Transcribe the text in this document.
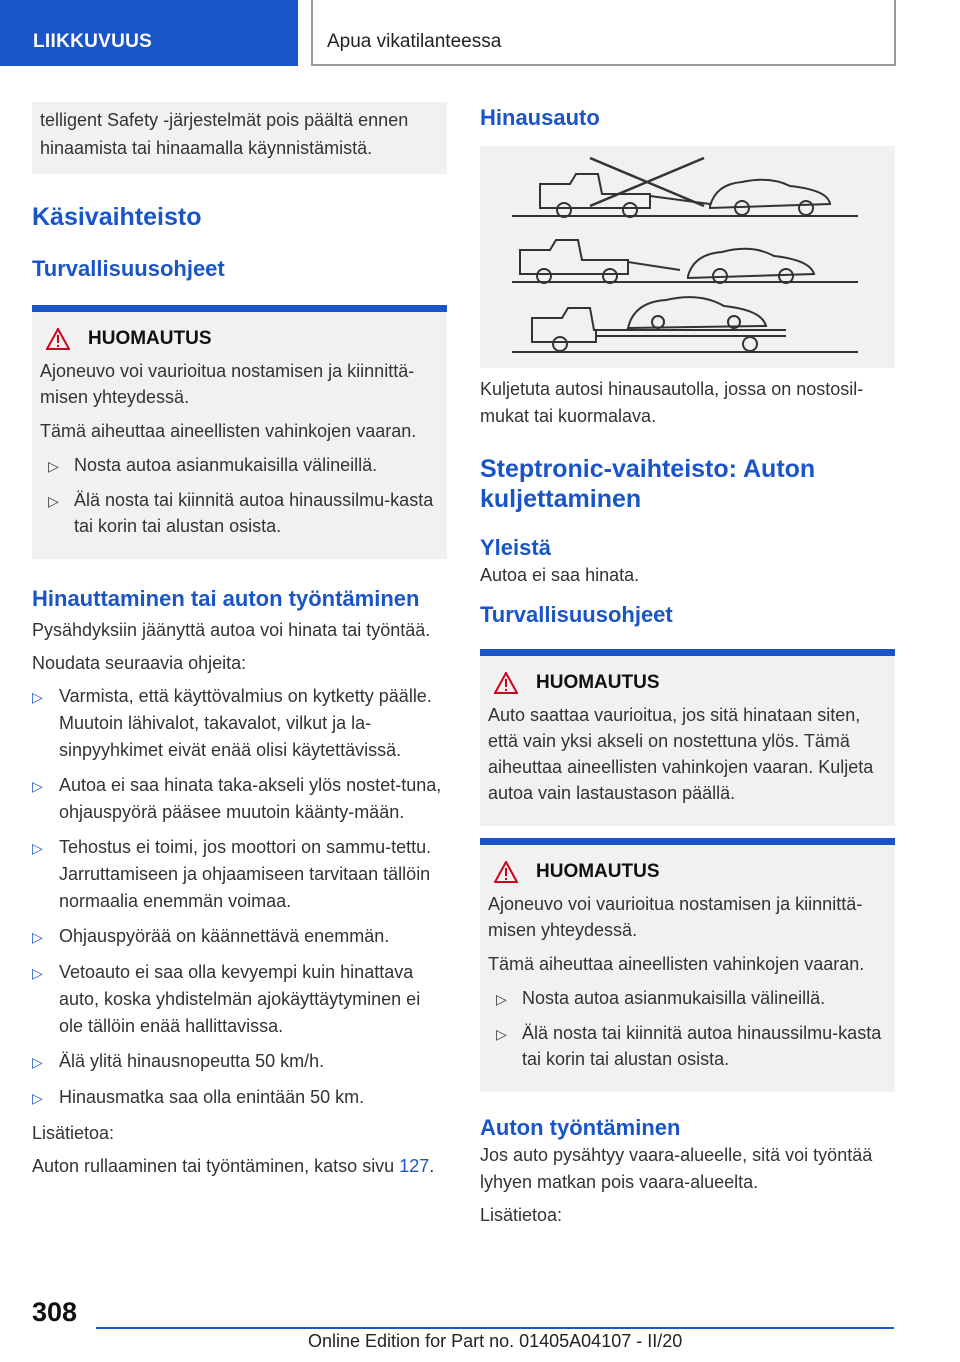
LIIKKUVUUS	Apua vikatilanteessa
telligent Safety -järjestelmät pois päältä ennen hinaamista tai hinaamalla käynnistämistä.
Käsivaihteisto
Turvallisuusohjeet
HUOMAUTUS

Ajoneuvo voi vaurioitua nostamisen ja kiinnittä-misen yhteydessä.

Tämä aiheuttaa aineellisten vahinkojen vaaran.

▷ Nosta autoa asianmukaisilla välineillä.
▷ Älä nosta tai kiinnitä autoa hinaussilmu-kasta tai korin tai alustan osista.
Hinauttaminen tai auton työntäminen

Pysähdyksiin jäänyttä autoa voi hinata tai työntää.

Noudata seuraavia ohjeita:

▷ Varmista, että käyttövalmius on kytketty päälle. Muutoin lähivalot, takavalot, vilkut ja la-sinpyyhkimet eivät enää olisi käytettävissä.
▷ Autoa ei saa hinata taka-akseli ylös nostet-tuna, ohjauspyörä pääsee muutoin käänty-mään.
▷ Tehostus ei toimi, jos moottori on sammu-tettu. Jarruttamiseen ja ohjaamiseen tarvitaan tällöin normaalia enemmän voimaa.
▷ Ohjauspyörää on käännettävä enemmän.
▷ Vetoauto ei saa olla kevyempi kuin hinattava auto, koska yhdistelmän ajokäyttäytyminen ei ole tällöin enää hallittavissa.
▷ Älä ylitä hinausnopeutta 50 km/h.
▷ Hinausmatka saa olla enintään 50 km.

Lisätietoa:

Auton rullaaminen tai työntäminen, katso sivu 127.

Hinausauto

Kuljetuta autosi hinausautolla, jossa on nostosil-mukat tai kuormalava.

Steptronic-vaihteisto: Auton kuljettaminen
Yleistä

Autoa ei saa hinata.

Turvallisuusohjeet
HUOMAUTUS

Auto saattaa vaurioitua, jos sitä hinataan siten, että vain yksi akseli on nostettuna ylös. Tämä aiheuttaa aineellisten vahinkojen vaaran. Kuljeta autoa vain lastaustason päällä.

HUOMAUTUS

Ajoneuvo voi vaurioitua nostamisen ja kiinnittä-misen yhteydessä.

Tämä aiheuttaa aineellisten vahinkojen vaaran.

▷ Nosta autoa asianmukaisilla välineillä.
▷ Älä nosta tai kiinnitä autoa hinaussilmu-kasta tai korin tai alustan osista.
Auton työntäminen

Jos auto pysähtyy vaara-alueelle, sitä voi työntää lyhyen matkan pois vaara-alueelta.

Lisätietoa:

308
Online Edition for Part no. 01405A04107 - II/20
